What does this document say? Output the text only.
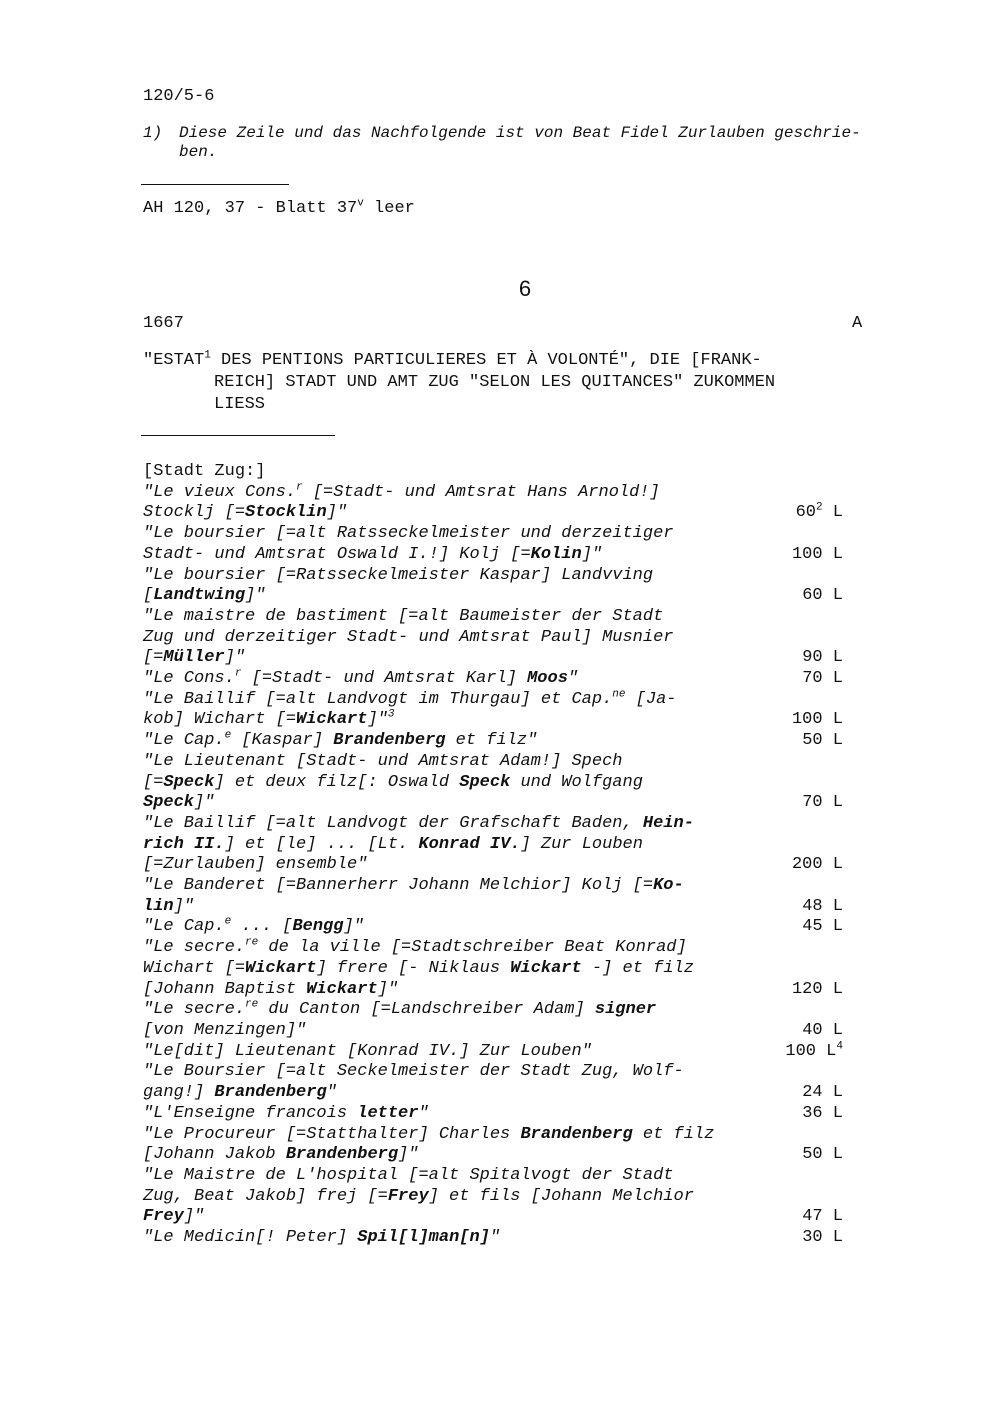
120/5-6
1) Diese Zeile und das Nachfolgende ist von Beat Fidel Zurlauben geschrie-
ben.
AH 120, 37 - Blatt 37$^v$ leer
6
1667	A
"ESTAT$^1$ DES PENTIONS PARTICULIERES ET À VOLONTÉ", DIE [FRANK-
REICH] STADT UND AMT ZUG "SELON LES QUITANCES" ZUKOMMEN
LIESS
[Stadt Zug:]
"Le vieux Cons.$^r$ [=Stadt- und Amtsrat Hans Arnold!]
Stocklj [=Stocklin]"	$60^2$ L
"Le boursier [=alt Ratsseckelmeister und derzeitiger
Stadt- und Amtsrat Oswald I.!] Kolj [=Kolin]"	100 L
"Le boursier [=Ratsseckelmeister Kaspar] Landvving
[Landtwing]"	60 L
"Le maistre de bastiment [=alt Baumeister der Stadt
Zug und derzeitiger Stadt- und Amtsrat Paul] Musnier
[=Müller]"	90 L
"Le Cons.$^r$ [=Stadt- und Amtsrat Karl] Moos"	70 L
"Le Baillif [=alt Landvogt im Thurgau] et Cap.$^{ne}$ [Ja-
kob] Wichart [=Wickart]"$^3$	100 L
"Le Cap.$^e$ [Kaspar] Brandenberg et filz"	50 L
"Le Lieutenant [Stadt- und Amtsrat Adam!] Spech
[=Speck] et deux filz[: Oswald Speck und Wolfgang
Speck]"	70 L
"Le Baillif [=alt Landvogt der Grafschaft Baden, Hein-
rich II.] et [le] ... [Lt. Konrad IV.] Zur Louben
[=Zurlauben] ensemble"	200 L
"Le Banderet [=Bannerherr Johann Melchior] Kolj [=Ko-
lin]"	48 L
"Le Cap.$^e$ ... [Bengg]"	45 L
"Le secre.$^{re}$ de la ville [=Stadtschreiber Beat Konrad]
Wichart [=Wickart] frere [- Niklaus Wickart -] et filz
[Johann Baptist Wickart]"	120 L
"Le secre.$^{re}$ du Canton [=Landschreiber Adam] signer
[von Menzingen]"	40 L
"Le[dit] Lieutenant [Konrad IV.] Zur Louben"	100 $L^4$
"Le Boursier [=alt Seckelmeister der Stadt Zug, Wolf-
gang!] Brandenberg"	24 L
"L'Enseigne francois letter"	36 L
"Le Procureur [=Statthalter] Charles Brandenberg et filz
[Johann Jakob Brandenberg]"	50 L
"Le Maistre de L'hospital [=alt Spitalvogt der Stadt
Zug, Beat Jakob] frej [=Frey] et fils [Johann Melchior
Frey]"	47 L
"Le Medicin[! Peter] Spil[l]man[n]"	30 L
